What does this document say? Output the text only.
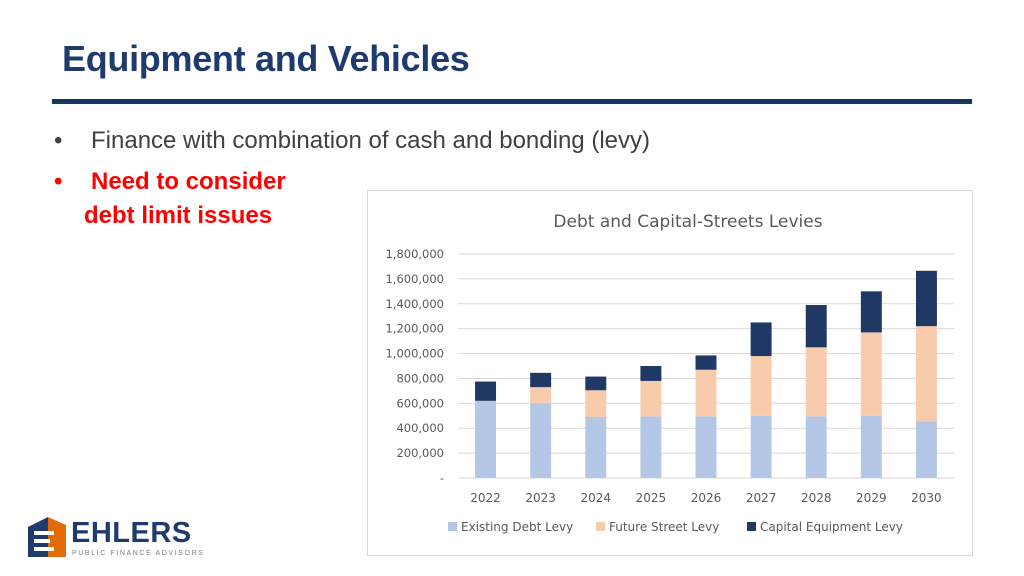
Equipment and Vehicles
• Finance with combination of cash and bonding (levy)
• Need to consider
debt limit issues	Debt and Capital-Streets Levies
-
200,000
400,000
600,000
800,000
1,000,000
1,200,000
1,400,000
1,600,000
1,800,000
2022 2023 2024 2025 2026 2027 2028 2029 2030
Existing Debt Levy	Future Street Levy	Capital Equipment Levy
EHLERS
PUBLIC FINANCE ADVISORS
